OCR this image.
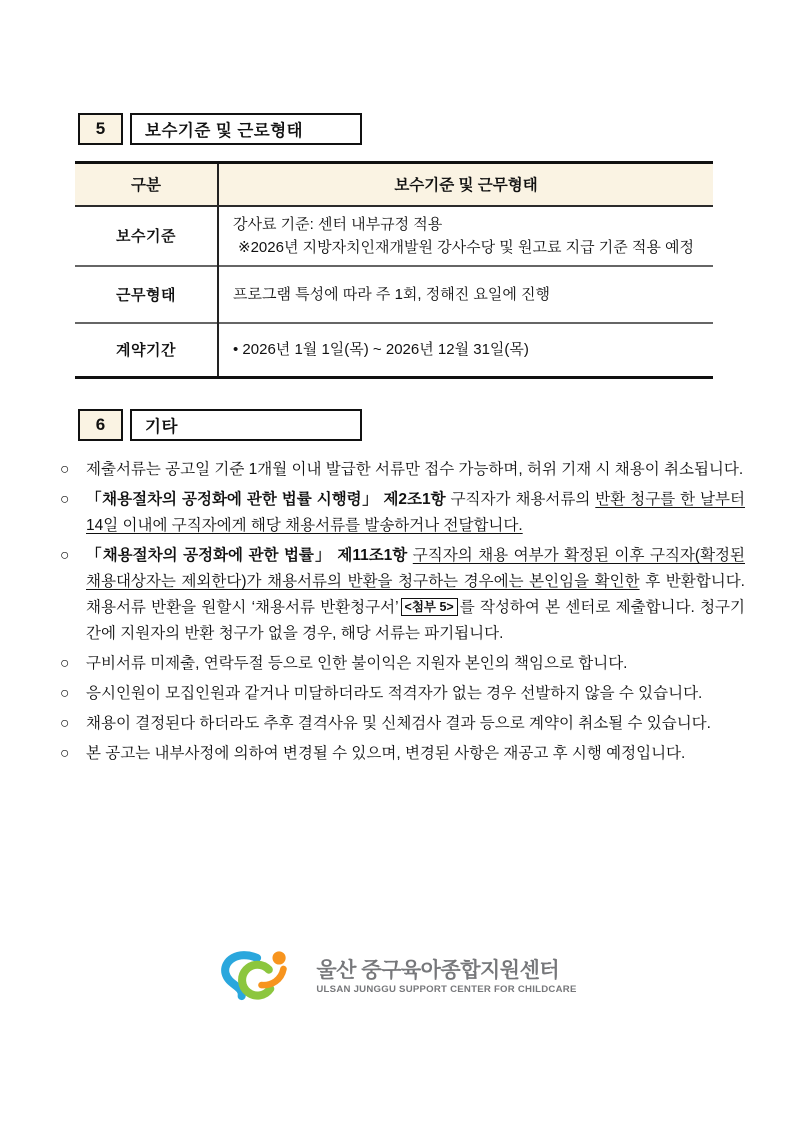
5	보수기준 및 근로형태
구분	보수기준 및 근무형태
보수기준	강사료 기준: 센터 내부규정 적용
※2026년 지방자치인재개발원 강사수당 및 원고료 지급 기준 적용 예정

근무형태	프로그램 특성에 따라 주 1회, 정해진 요일에 진행

계약기간	• 2026년 1월 1일(목) ~ 2026년 12월 31일(목)
6	기타
○	제출서류는 공고일 기준 1개월 이내 발급한 서류만 접수 가능하며, 허위 기재 시 채용이 취소됩니다.
○	「채용절차의 공정화에 관한 법률 시행령」 제2조1항 구직자가 채용서류의 반환 청구를 한 날부터 14일 이내에 구직자에게 해당 채용서류를 발송하거나 전달합니다.
○	「채용절차의 공정화에 관한 법률」 제11조1항 구직자의 채용 여부가 확정된 이후 구직자(확정된 채용대상자는 제외한다)가 채용서류의 반환을 청구하는 경우에는 본인임을 확인한 후 반환합니다. 채용서류 반환을 원할시 ‘채용서류 반환청구서’ <첨부 5> 를 작성하여 본 센터로 제출합니다. 청구기간에 지원자의 반환 청구가 없을 경우, 해당 서류는 파기됩니다.
○	구비서류 미제출, 연락두절 등으로 인한 불이익은 지원자 본인의 책임으로 합니다.
○	응시인원이 모집인원과 같거나 미달하더라도 적격자가 없는 경우 선발하지 않을 수 있습니다.
○	채용이 결정된다 하더라도 추후 결격사유 및 신체검사 결과 등으로 계약이 취소될 수 있습니다.
○	본 공고는 내부사정에 의하여 변경될 수 있으며, 변경된 사항은 재공고 후 시행 예정입니다.
울산 중구육아종합지원센터
ULSAN JUNGGU SUPPORT CENTER FOR CHILDCARE
